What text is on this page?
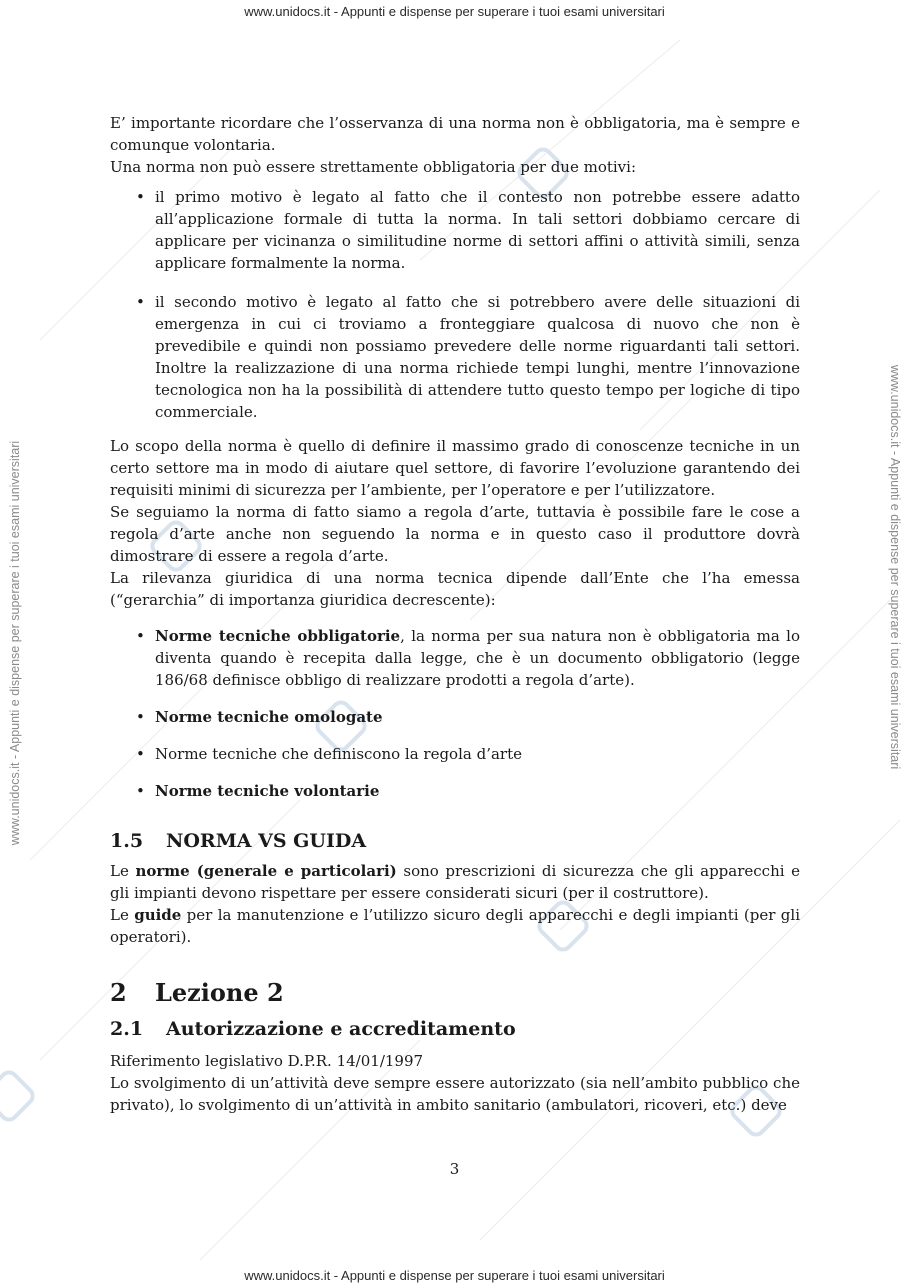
www.unidocs.it - Appunti e dispense per superare i tuoi esami universitari
www.unidocs.it - Appunti e dispense per superare i tuoi esami universitari
www.unidocs.it - Appunti e dispense per superare i tuoi esami universitari	www.unidocs.it - Appunti e dispense per superare i tuoi esami universitari

E’ importante ricordare che l’osservanza di una norma non è obbligatoria, ma è sempre e comunque volontaria.

Una norma non può essere strettamente obbligatoria per due motivi:

• il primo motivo è legato al fatto che il contesto non potrebbe essere adatto all’applicazione formale di tutta la norma. In tali settori dobbiamo cercare di applicare per vicinanza o similitudine norme di settori affini o attività simili, senza applicare formalmente la norma.
• il secondo motivo è legato al fatto che si potrebbero avere delle situazioni di emergenza in cui ci troviamo a fronteggiare qualcosa di nuovo che non è prevedibile e quindi non possiamo prevedere delle norme riguardanti tali settori. Inoltre la realizzazione di una norma richiede tempi lunghi, mentre l’innovazione tecnologica non ha la possibilità di attendere tutto questo tempo per logiche di tipo commerciale.

Lo scopo della norma è quello di definire il massimo grado di conoscenze tecniche in un certo settore ma in modo di aiutare quel settore, di favorire l’evoluzione garantendo dei requisiti minimi di sicurezza per l’ambiente, per l’operatore e per l’utilizzatore.

Se seguiamo la norma di fatto siamo a regola d’arte, tuttavia è possibile fare le cose a regola d’arte anche non seguendo la norma e in questo caso il produttore dovrà dimostrare di essere a regola d’arte.

La rilevanza giuridica di una norma tecnica dipende dall’Ente che l’ha emessa (“gerarchia” di importanza giuridica decrescente):

• Norme tecniche obbligatorie, la norma per sua natura non è obbligatoria ma lo diventa quando è recepita dalla legge, che è un documento obbligatorio (legge 186/68 definisce obbligo di realizzare prodotti a regola d’arte).
• Norme tecniche omologate
• Norme tecniche che definiscono la regola d’arte
• Norme tecniche volontarie
1.5 NORMA VS GUIDA

Le norme (generale e particolari) sono prescrizioni di sicurezza che gli apparecchi e gli impianti devono rispettare per essere considerati sicuri (per il costruttore).

Le guide per la manutenzione e l’utilizzo sicuro degli apparecchi e degli impianti (per gli operatori).

2 Lezione 2
2.1 Autorizzazione e accreditamento

Riferimento legislativo D.P.R. 14/01/1997

Lo svolgimento di un’attività deve sempre essere autorizzato (sia nell’ambito pubblico che privato), lo svolgimento di un’attività in ambito sanitario (ambulatori, ricoveri, etc.) deve

3
